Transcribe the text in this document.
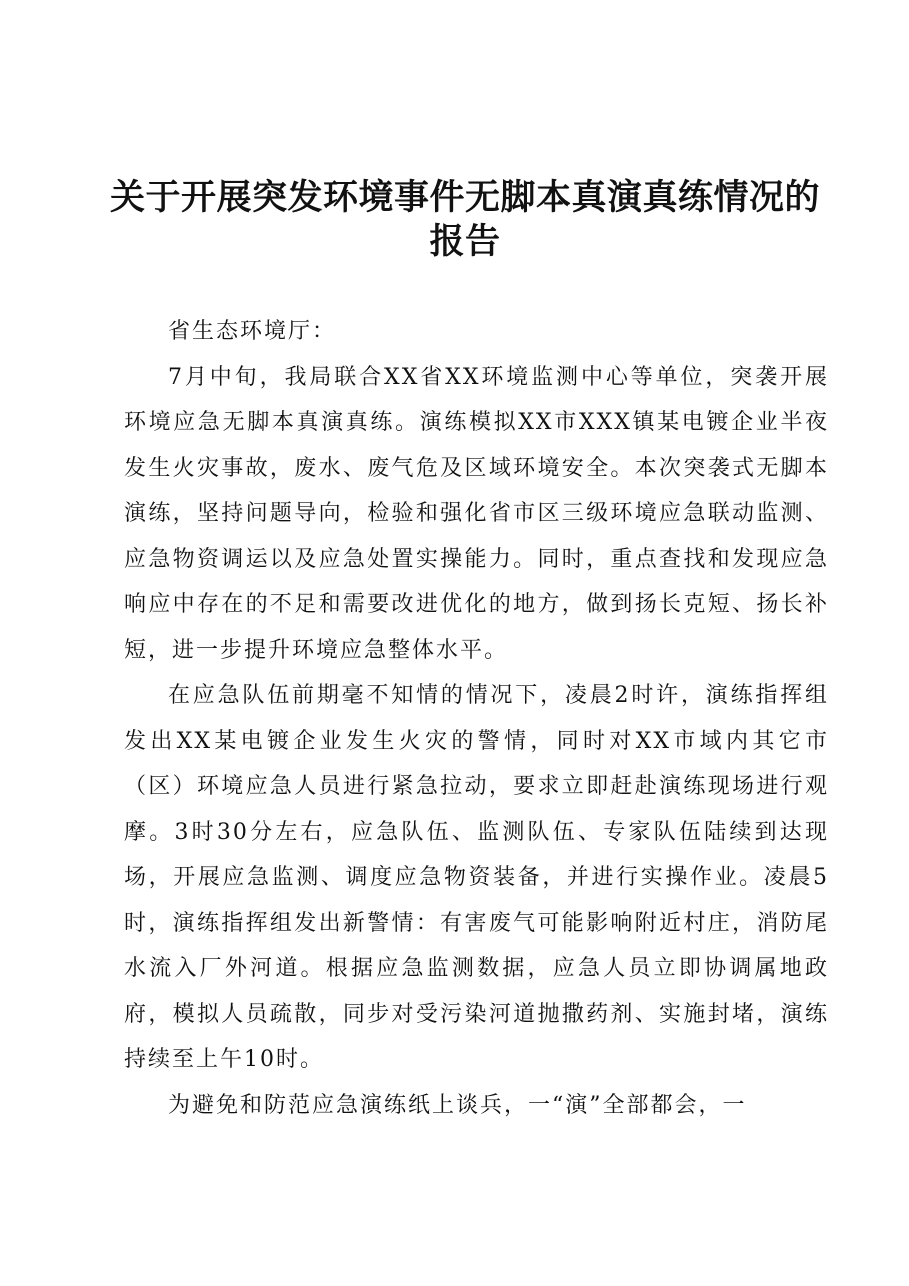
关于开展突发环境事件无脚本真演真练情况的报告

省生态环境厅：

7月中旬，我局联合XX省XX环境监测中心等单位，突袭开展环境应急无脚本真演真练。演练模拟XX市XXX镇某电镀企业半夜发生火灾事故，废水、废气危及区域环境安全。本次突袭式无脚本演练，坚持问题导向，检验和强化省市区三级环境应急联动监测、应急物资调运以及应急处置实操能力。同时，重点查找和发现应急响应中存在的不足和需要改进优化的地方，做到扬长克短、扬长补短，进一步提升环境应急整体水平。

在应急队伍前期毫不知情的情况下，凌晨2时许，演练指挥组发出XX某电镀企业发生火灾的警情，同时对XX市域内其它市（区）环境应急人员进行紧急拉动，要求立即赶赴演练现场进行观摩。3时30分左右，应急队伍、监测队伍、专家队伍陆续到达现场，开展应急监测、调度应急物资装备，并进行实操作业。凌晨5时，演练指挥组发出新警情：有害废气可能影响附近村庄，消防尾水流入厂外河道。根据应急监测数据，应急人员立即协调属地政府，模拟人员疏散，同步对受污染河道抛撒药剂、实施封堵，演练持续至上午10时。

为避免和防范应急演练纸上谈兵，一“演”全部都会，一
